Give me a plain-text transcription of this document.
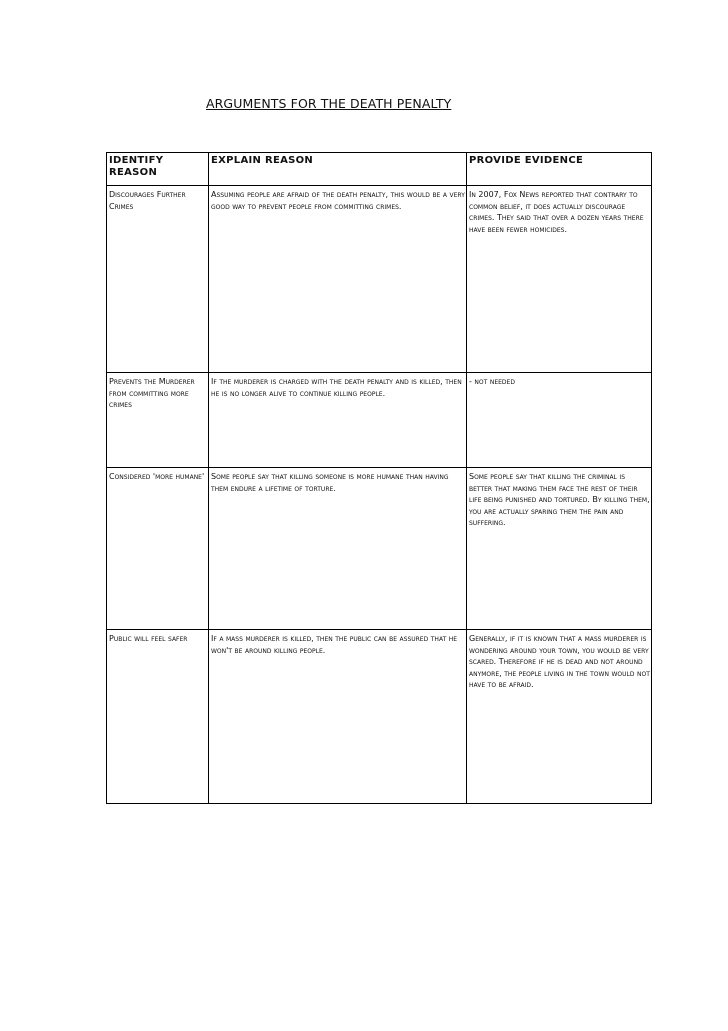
ARGUMENTS FOR THE DEATH PENALTY
IDENTIFY REASON	EXPLAIN REASON	PROVIDE EVIDENCE
Discourages Further Crimes	Assuming people are afraid of the death penalty, this would be a very good way to prevent people from committing crimes.	In 2007, Fox News reported that contrary to common belief, it does actually discourage crimes. They said that over a dozen years there have been fewer homicides.
Prevents the Murderer from committing more crimes	If the murderer is charged with the death penalty and is killed, then he is no longer alive to continue killing people.	- not needed
Considered 'more humane'	Some people say that killing someone is more humane than having them endure a lifetime of torture.	Some people say that killing the criminal is better that making them face the rest of their life being punished and tortured. By killing them, you are actually sparing them the pain and suffering.
Public will feel safer	If a mass murderer is killed, then the public can be assured that he won't be around killing people.	Generally, if it is known that a mass murderer is wondering around your town, you would be very scared. Therefore if he is dead and not around anymore, the people living in the town would not have to be afraid.
